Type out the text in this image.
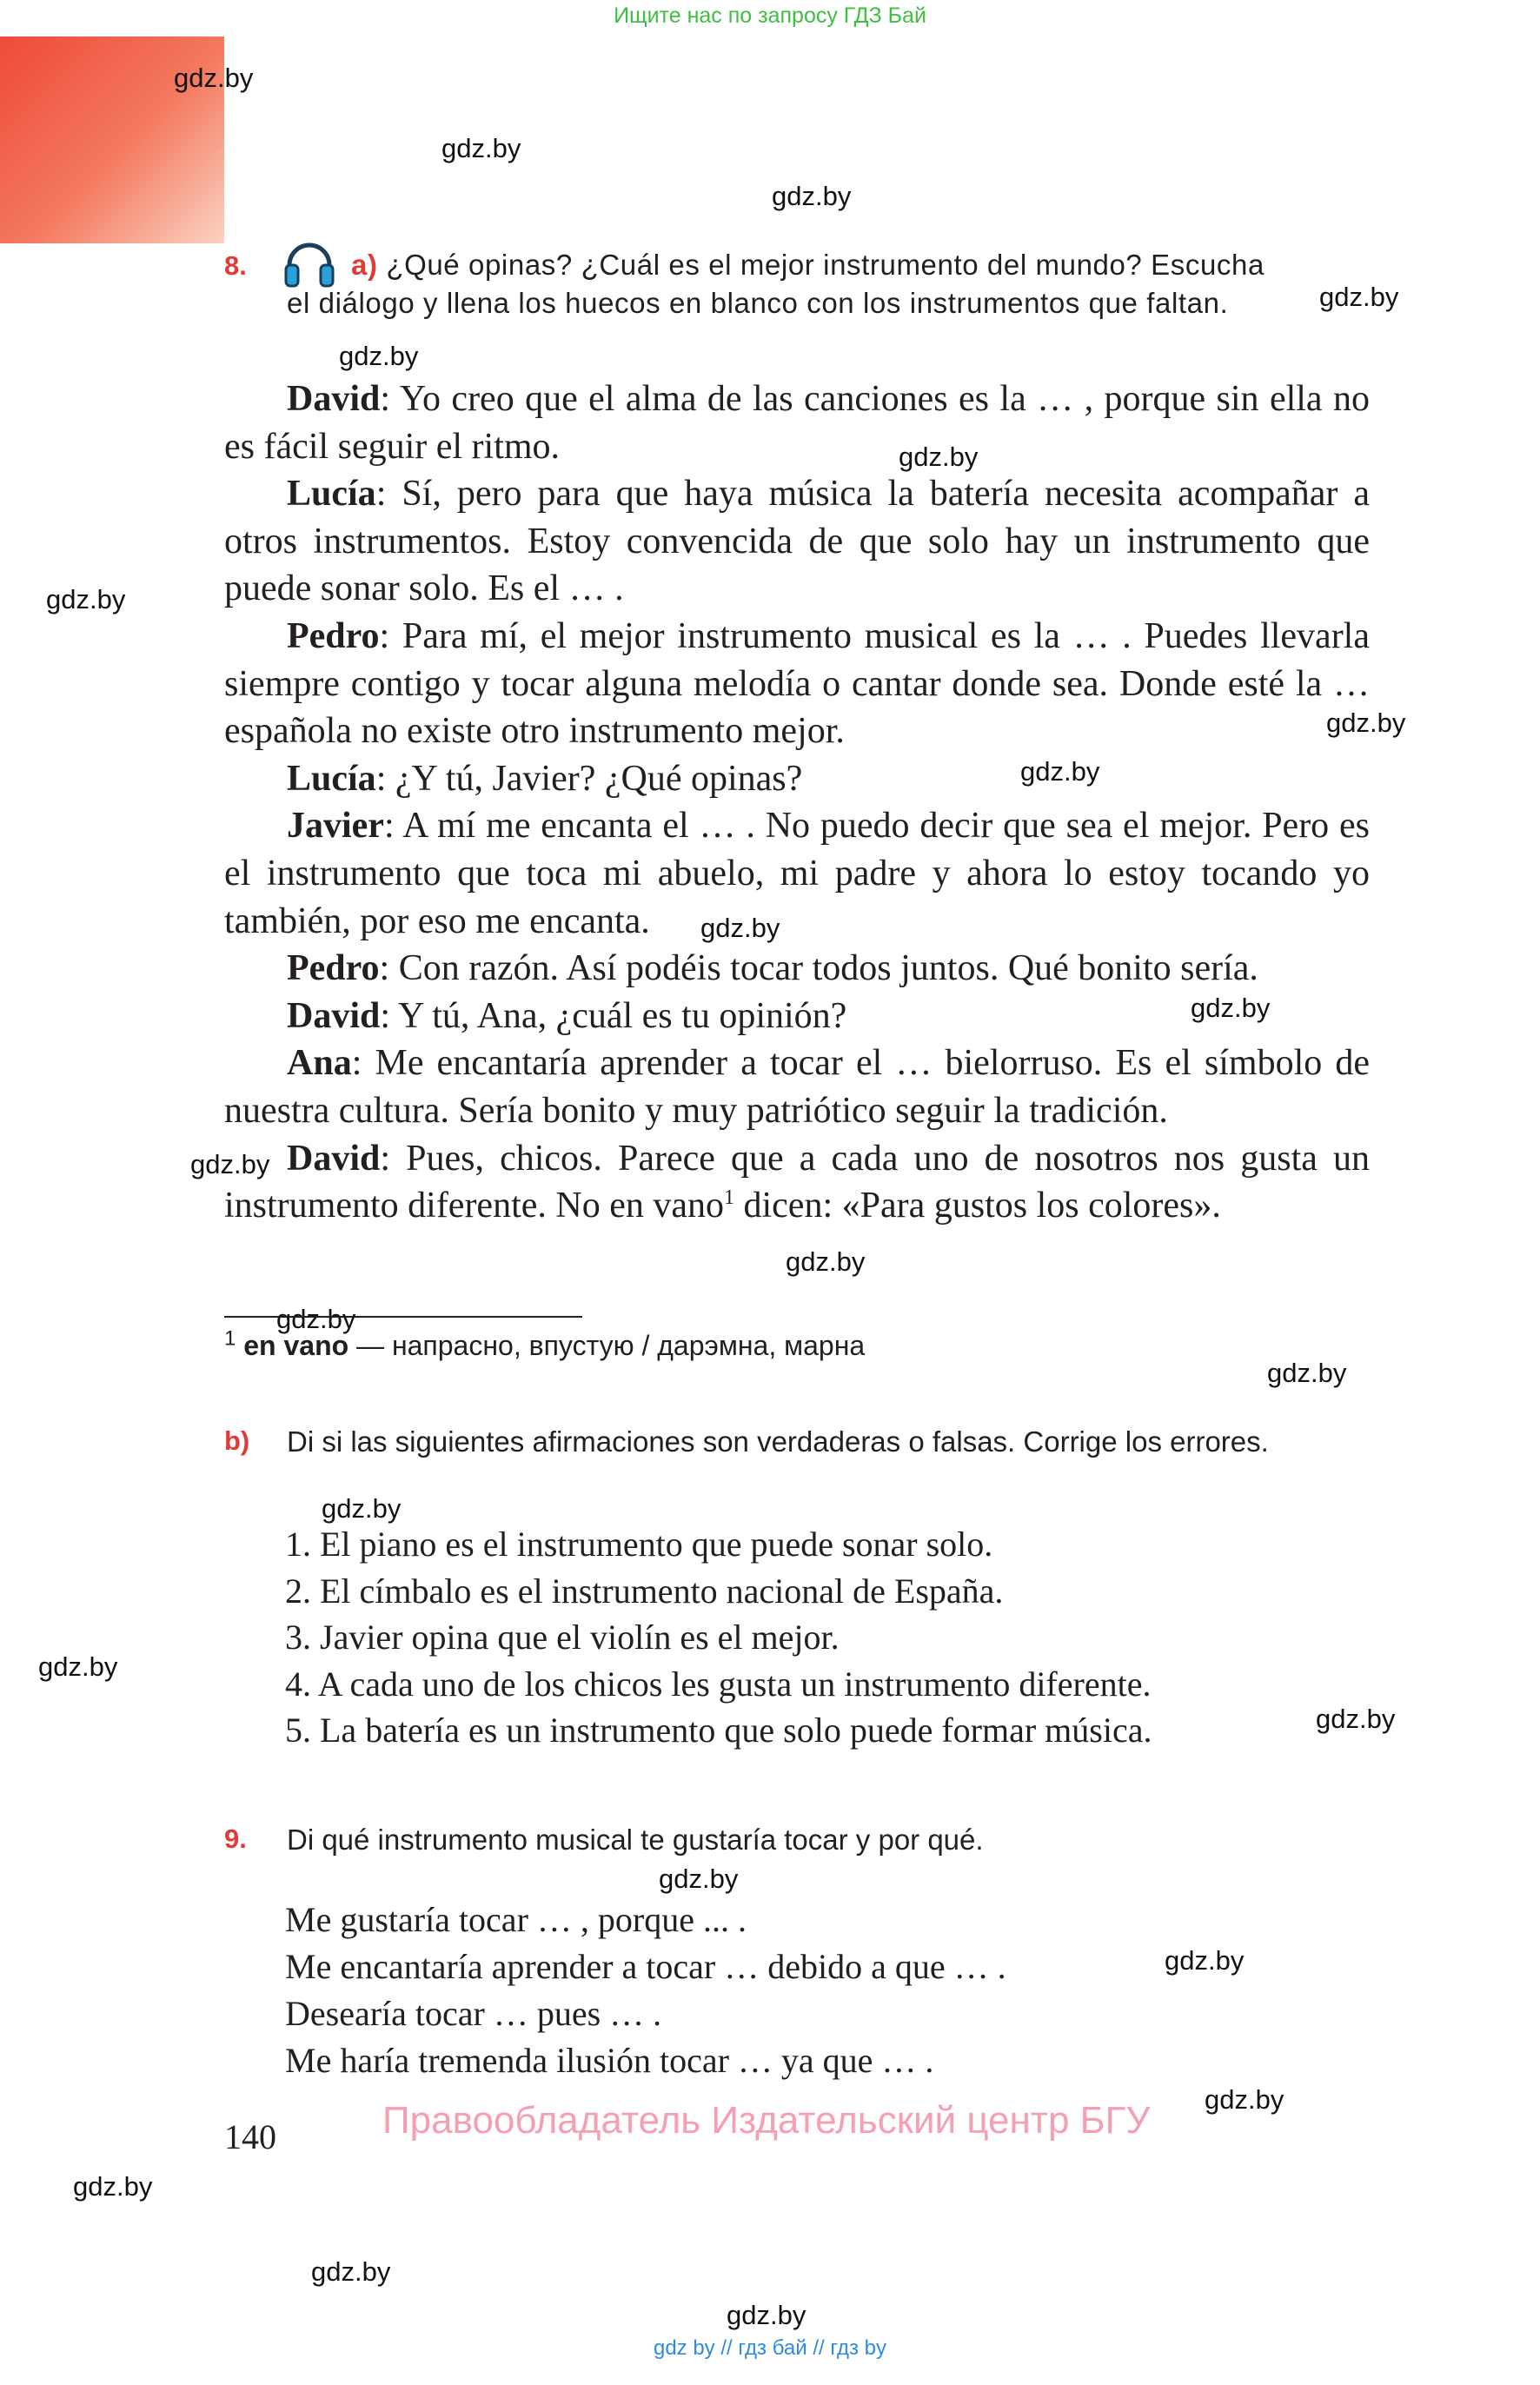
Ищите нас по запросу ГДЗ Бай
gdz.by
gdz.by
gdz.by
gdz.by
gdz.by
gdz.by
gdz.by
gdz.by
gdz.by
gdz.by
gdz.by
gdz.by
gdz.by
gdz.by
gdz.by
gdz.by
gdz.by
gdz.by
gdz.by
gdz.by
gdz.by
gdz.by
gdz.by
gdz.by
8.	a) ¿Qué opinas? ¿Cuál es el mejor instrumento del mundo? Escucha
el diálogo y llena los huecos en blanco con los instrumentos que faltan.

David: Yo creo que el alma de las canciones es la … , porque sin ella no es fácil seguir el ritmo.

Lucía: Sí, pero para que haya música la batería necesita acompañar a otros instrumentos. Estoy convencida de que solo hay un instrumento que puede sonar solo. Es el … .

Pedro: Para mí, el mejor instrumento musical es la … . Puedes llevarla siempre contigo y tocar alguna melodía o cantar donde sea. Donde esté la … española no existe otro instrumento mejor.

Lucía: ¿Y tú, Javier? ¿Qué opinas?

Javier: A mí me encanta el … . No puedo decir que sea el mejor. Pero es el instrumento que toca mi abuelo, mi padre y ahora lo estoy tocando yo también, por eso me encanta.

Pedro: Con razón. Así podéis tocar todos juntos. Qué bonito sería.

David: Y tú, Ana, ¿cuál es tu opinión?

Ana: Me encantaría aprender a tocar el … bielorruso. Es el símbolo de nuestra cultura. Sería bonito y muy patriótico seguir la tradición.

David: Pues, chicos. Parece que a cada uno de nosotros nos gusta un instrumento diferente. No en vano$^1$ dicen: «Para gustos los colores».

$^1$ en vano — напрасно, впустую / дарэмна, марна
b) Di si las siguientes afirmaciones son verdaderas o falsas. Corrige los errores.
1. El piano es el instrumento que puede sonar solo.
2. El címbalo es el instrumento nacional de España.
3. Javier opina que el violín es el mejor.
4. A cada uno de los chicos les gusta un instrumento diferente.
5. La batería es un instrumento que solo puede formar música.
9. Di qué instrumento musical te gustaría tocar y por qué.
Me gustaría tocar … , porque ... .
Me encantaría aprender a tocar … debido a que … .
Desearía tocar … pues … .
Me haría tremenda ilusión tocar … ya que … .
140	Правообладатель Издательский центр БГУ
gdz by // гдз бай // гдз by
